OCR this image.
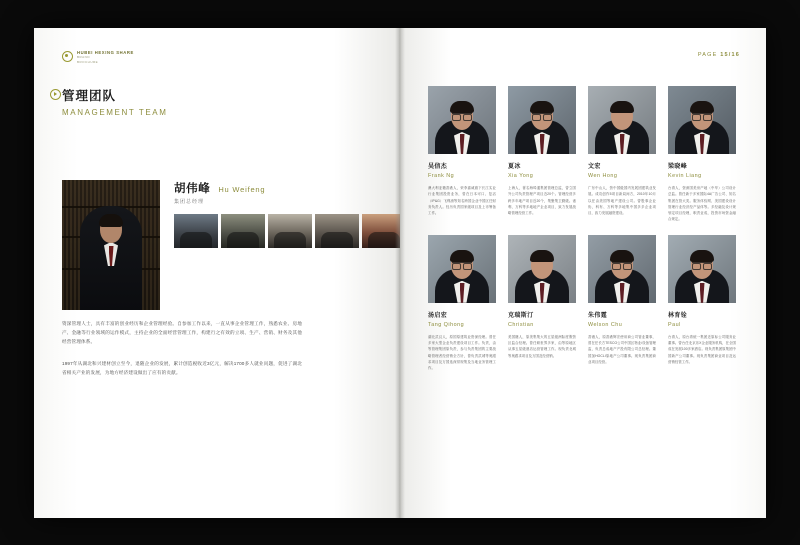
HUBEI HEXING SHARE
BRAND
BROCHURE
管理团队
MANAGEMENT TEAM
胡伟峰 Hu Weifeng
集团总经理
资深管理人士，具有丰富的创业经历和企业管理经验。自参加工作以来，一直从事企业管理工作，熟悉农业、房地产、金融等行业领域的运作模式，主持企业的全面经营管理工作，构建行之有效的立项、生产、营销、财务及其他经营管理体系。
1997年从湖北和兴建材创立至今，退随企业的发展，累计创造税收近3亿元，解决1700多人就业问题，促进了湖北省相关产业的发展，为地方经济建设做出了应有的贡献。
PAGE 15/16
吴信杰
Frank Ng
澳大利亚籍香港人，荣李嘉诚旗下长江实业行业集团投资业务，曾在日本可口、复活（IP&G）飞利浦等知名跨国企业中国区任财务负责人。经历负责国家级项目及上市筹备工作。
夏冰
Xia Yong
上海人，著名海埠通集团管理总监，曾立国外公司负责管理产项目近20个。管理经营多跨多年地产项目近20个，集聚集卫勤级。诸利、万科等多地地产企业项目，致力发展战略管理经营工作。
文宏
Wen Hong
广东中山人，资中国级国内发展团建筑业发展。成功创作5项目新局间方，2010年10月以任由美国等地产建设公司。曾股事企业协，科有、万科等多地集中国多多企业项目，致力发展融资建设。
梁晓峰
Kevin Liang
台湾人，资深国美房产地（中华）公司设计总监。曾任新于多家国际4A广告公司、知名集团在管大类。服务体验网、美国建设设计管理行业经济经产品体等。多经融及设计规划定项目经理，职责业成，投资市场资金融合规定。
汤启宏
Tang Qihong
湖北武汉人，原国原建筑业资深经理。曾任多家大型企业负责建设项目工作。负责，由等管理集团原负责，参与负责集团的主要战略管理者经营销全方针，曾负责武城等奥跟求项目及万国选深常规集及当地业务管理工作。
克瑞斯汀
Christian
美国籍人，原美集集大的五星级洲际度假资区监合经理。曾任职世界多家，由等原地区从事五星级酒店运营管理工作。现负责北城等奥跟求项目及万国及经营销。
朱伟霆
Welson Chu
香港人，原香港辉宏使用商公司管业董事，曾在任长方TESCO公司中国区物业/设备管理监，负责总成地产产投有限公司总经理。董国加HOCLI原地产公司董事。现负责集团商业项目经营。
林育铨
Paul
台湾人，原台湾统一集团近原标公司服务业董事。曾台任北京乐X企业服务机构，在全国成在发展100多家酒店。现负责集团原集团中国新产公司董事。现负责集团商业项目及运营销经管工作。
